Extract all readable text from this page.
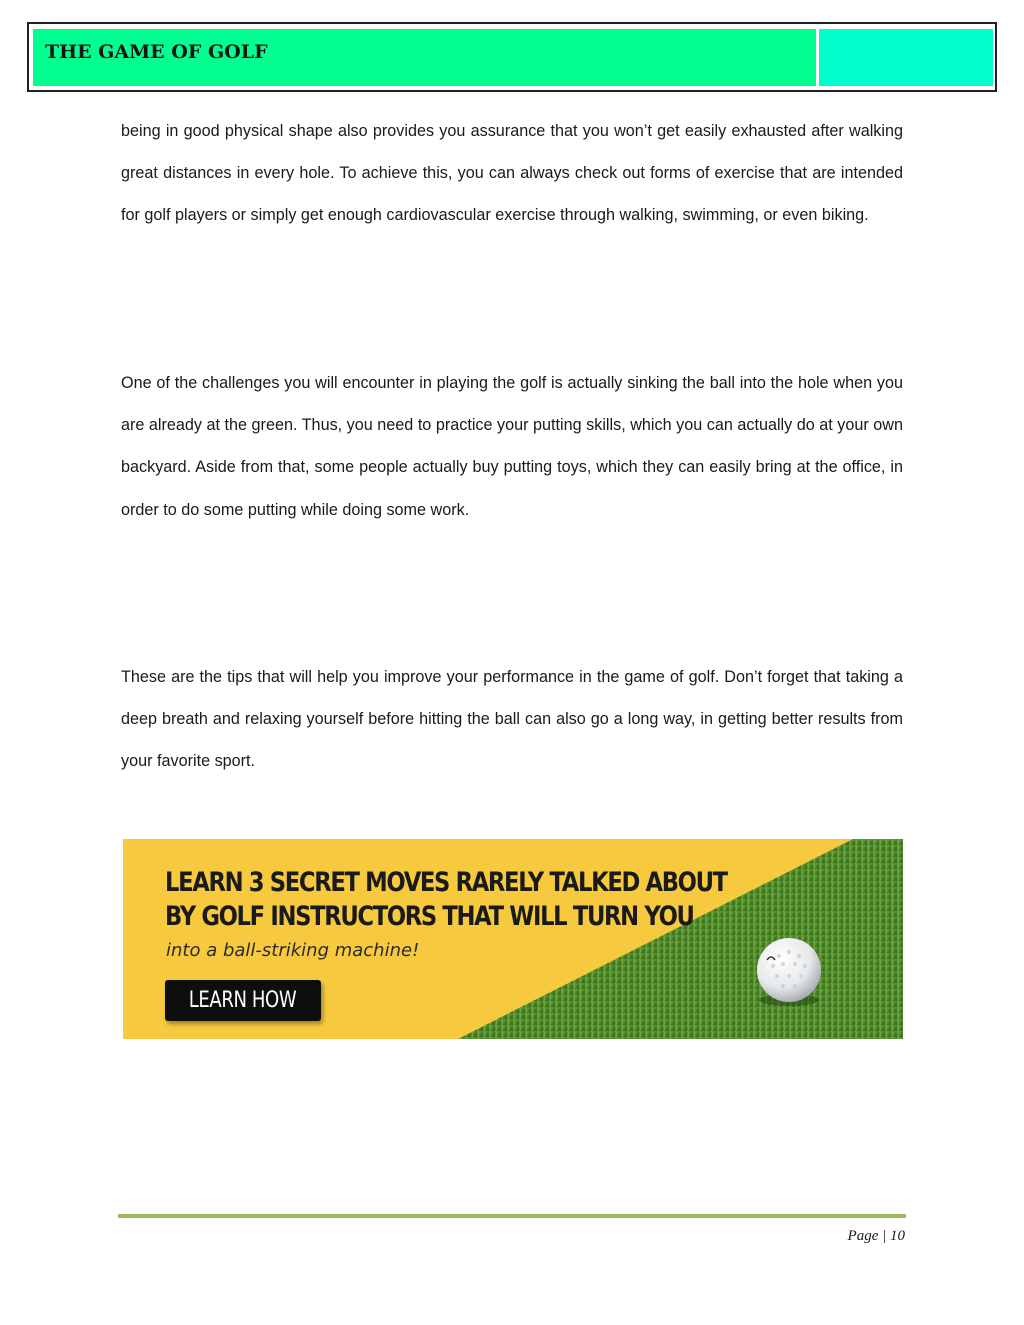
THE GAME OF GOLF

being in good physical shape also provides you assurance that you won’t get easily exhausted after walking great distances in every hole. To achieve this, you can always check out forms of exercise that are intended for golf players or simply get enough cardiovascular exercise through walking, swimming, or even biking.

One of the challenges you will encounter in playing the golf is actually sinking the ball into the hole when you are already at the green. Thus, you need to practice your putting skills, which you can actually do at your own backyard. Aside from that, some people actually buy putting toys, which they can easily bring at the office, in order to do some putting while doing some work.

These are the tips that will help you improve your performance in the game of golf. Don’t forget that taking a deep breath and relaxing yourself before hitting the ball can also go a long way, in getting better results from your favorite sport.

LEARN 3 SECRET MOVES RARELY TALKED ABOUT
BY GOLF INSTRUCTORS THAT WILL TURN YOU
into a ball-striking machine!
LEARN HOW
Page | 10
